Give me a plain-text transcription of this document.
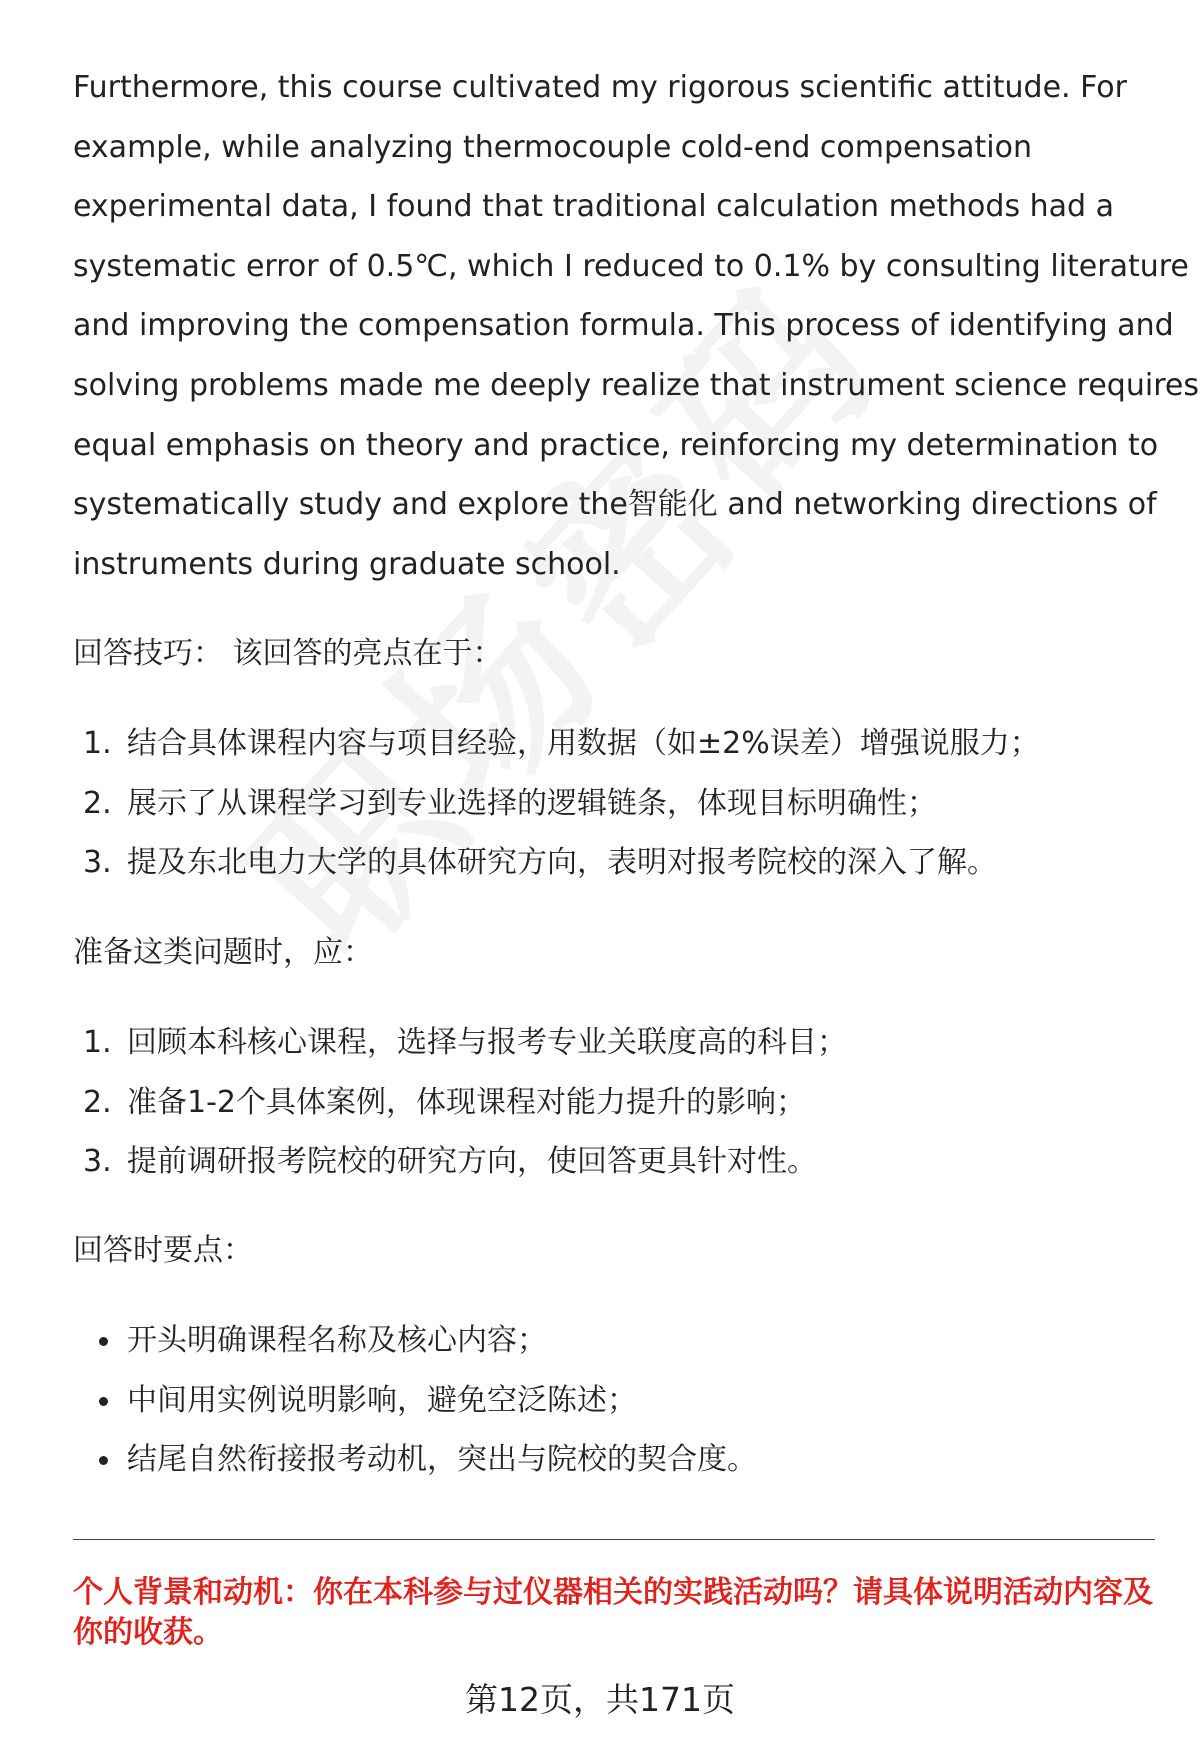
Furthermore, this course cultivated my rigorous scientific attitude. For
example, while analyzing thermocouple cold-end compensation
experimental data, I found that traditional calculation methods had a
systematic error of 0.5℃, which I reduced to 0.1% by consulting literature
and improving the compensation formula. This process of identifying and
solving problems made me deeply realize that instrument science requires
equal emphasis on theory and practice, reinforcing my determination to
systematically study and explore the智能化 and networking directions of
instruments during graduate school.

回答技巧： 该回答的亮点在于：

1. 结合具体课程内容与项目经验，用数据（如±2%误差）增强说服力；
2. 展示了从课程学习到专业选择的逻辑链条，体现目标明确性；
3. 提及东北电力大学的具体研究方向，表明对报考院校的深入了解。

准备这类问题时，应：

1. 回顾本科核心课程，选择与报考专业关联度高的科目；
2. 准备1-2个具体案例，体现课程对能力提升的影响；
3. 提前调研报考院校的研究方向，使回答更具针对性。

回答时要点：

开头明确课程名称及核心内容；
中间用实例说明影响，避免空泛陈述；
结尾自然衔接报考动机，突出与院校的契合度。

个人背景和动机：你在本科参与过仪器相关的实践活动吗？请具体说明活动内容及你的收获。

第12页，共171页
